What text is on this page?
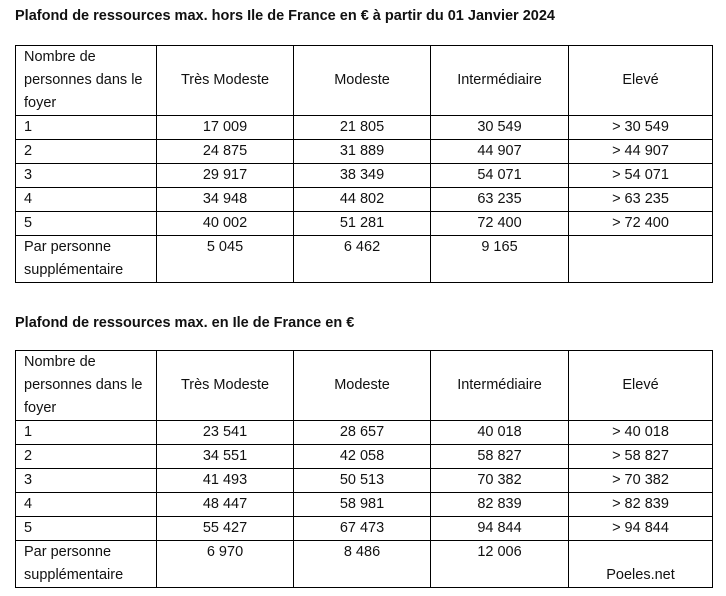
Plafond de ressources max. hors Ile de France en € à partir du 01 Janvier 2024
Nombre de personnes dans le foyer	Très Modeste	Modeste	Intermédiaire	Elevé
1	17 009	21 805	30 549	> 30 549
2	24 875	31 889	44 907	> 44 907
3	29 917	38 349	54 071	> 54 071
4	34 948	44 802	63 235	> 63 235
5	40 002	51 281	72 400	> 72 400
Par personne supplémentaire	5 045	6 462	9 165	
Plafond de ressources max. en Ile de France en €
Nombre de personnes dans le foyer	Très Modeste	Modeste	Intermédiaire	Elevé
1	23 541	28 657	40 018	> 40 018
2	34 551	42 058	58 827	> 58 827
3	41 493	50 513	70 382	> 70 382
4	48 447	58 981	82 839	> 82 839
5	55 427	67 473	94 844	> 94 844
Par personne supplémentaire	6 970	8 486	12 006	Poeles.net
